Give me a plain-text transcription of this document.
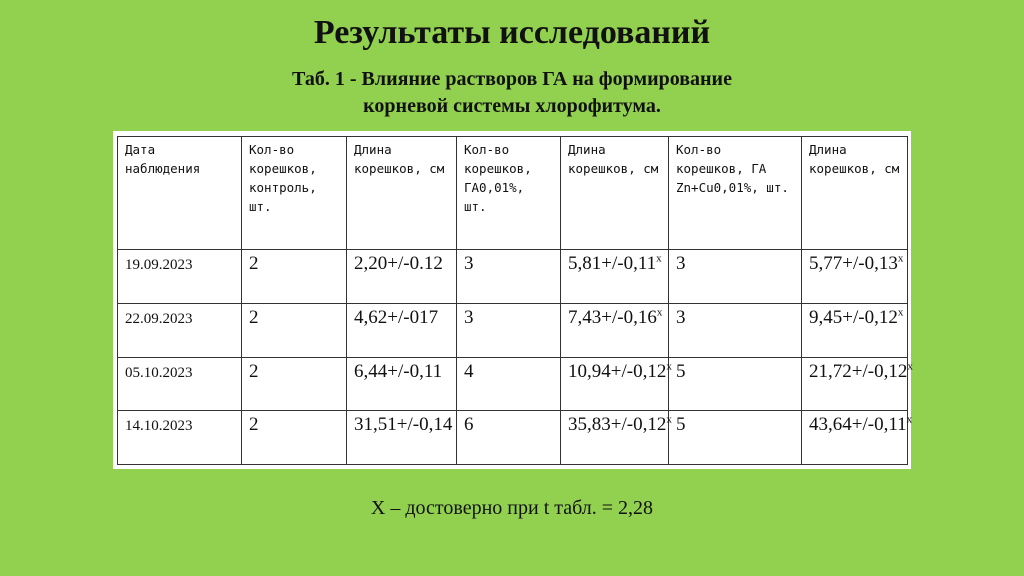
Результаты исследований
Таб. 1 - Влияние растворов ГА на формирование
корневой системы хлорофитума.
Дата наблюдения	Кол-во корешков, контроль, шт.	Длина корешков, см	Кол-во корешков, ГА0,01%, шт.	Длина корешков, см	Кол-во корешков, ГА Zn+Cu0,01%, шт.	Длина корешков, см
19.09.2023	2	2,20+/-0.12	3	$5,81+/-0,11^x$	3	$5,77+/-0,13^x$
22.09.2023	2	4,62+/-017	3	$7,43+/-0,16^x$	3	$9,45+/-0,12^x$
05.10.2023	2	6,44+/-0,11	4	$10,94+/-0,12^x$	5	$21,72+/-0,12^x$
14.10.2023	2	31,51+/-0,14	6	$35,83+/-0,12^x$	5	$43,64+/-0,11^x$
X – достоверно при t табл. = 2,28
